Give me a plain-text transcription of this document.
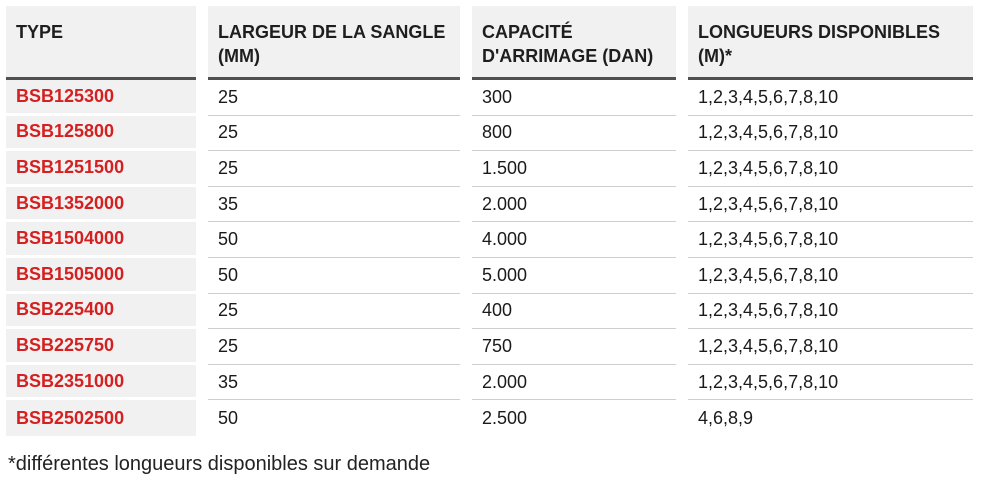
TYPE
BSB125300
BSB125800
BSB1251500
BSB1352000
BSB1504000
BSB1505000
BSB225400
BSB225750
BSB2351000
BSB2502500
LARGEUR DE LA SANGLE (MM)
25
25
25
35
50
50
25
25
35
50
CAPACITÉ D'ARRIMAGE (DAN)
300
800
1.500
2.000
4.000
5.000
400
750
2.000
2.500
LONGUEURS DISPONIBLES (M)*
1,2,3,4,5,6,7,8,10
1,2,3,4,5,6,7,8,10
1,2,3,4,5,6,7,8,10
1,2,3,4,5,6,7,8,10
1,2,3,4,5,6,7,8,10
1,2,3,4,5,6,7,8,10
1,2,3,4,5,6,7,8,10
1,2,3,4,5,6,7,8,10
1,2,3,4,5,6,7,8,10
4,6,8,9
*différentes longueurs disponibles sur demande
